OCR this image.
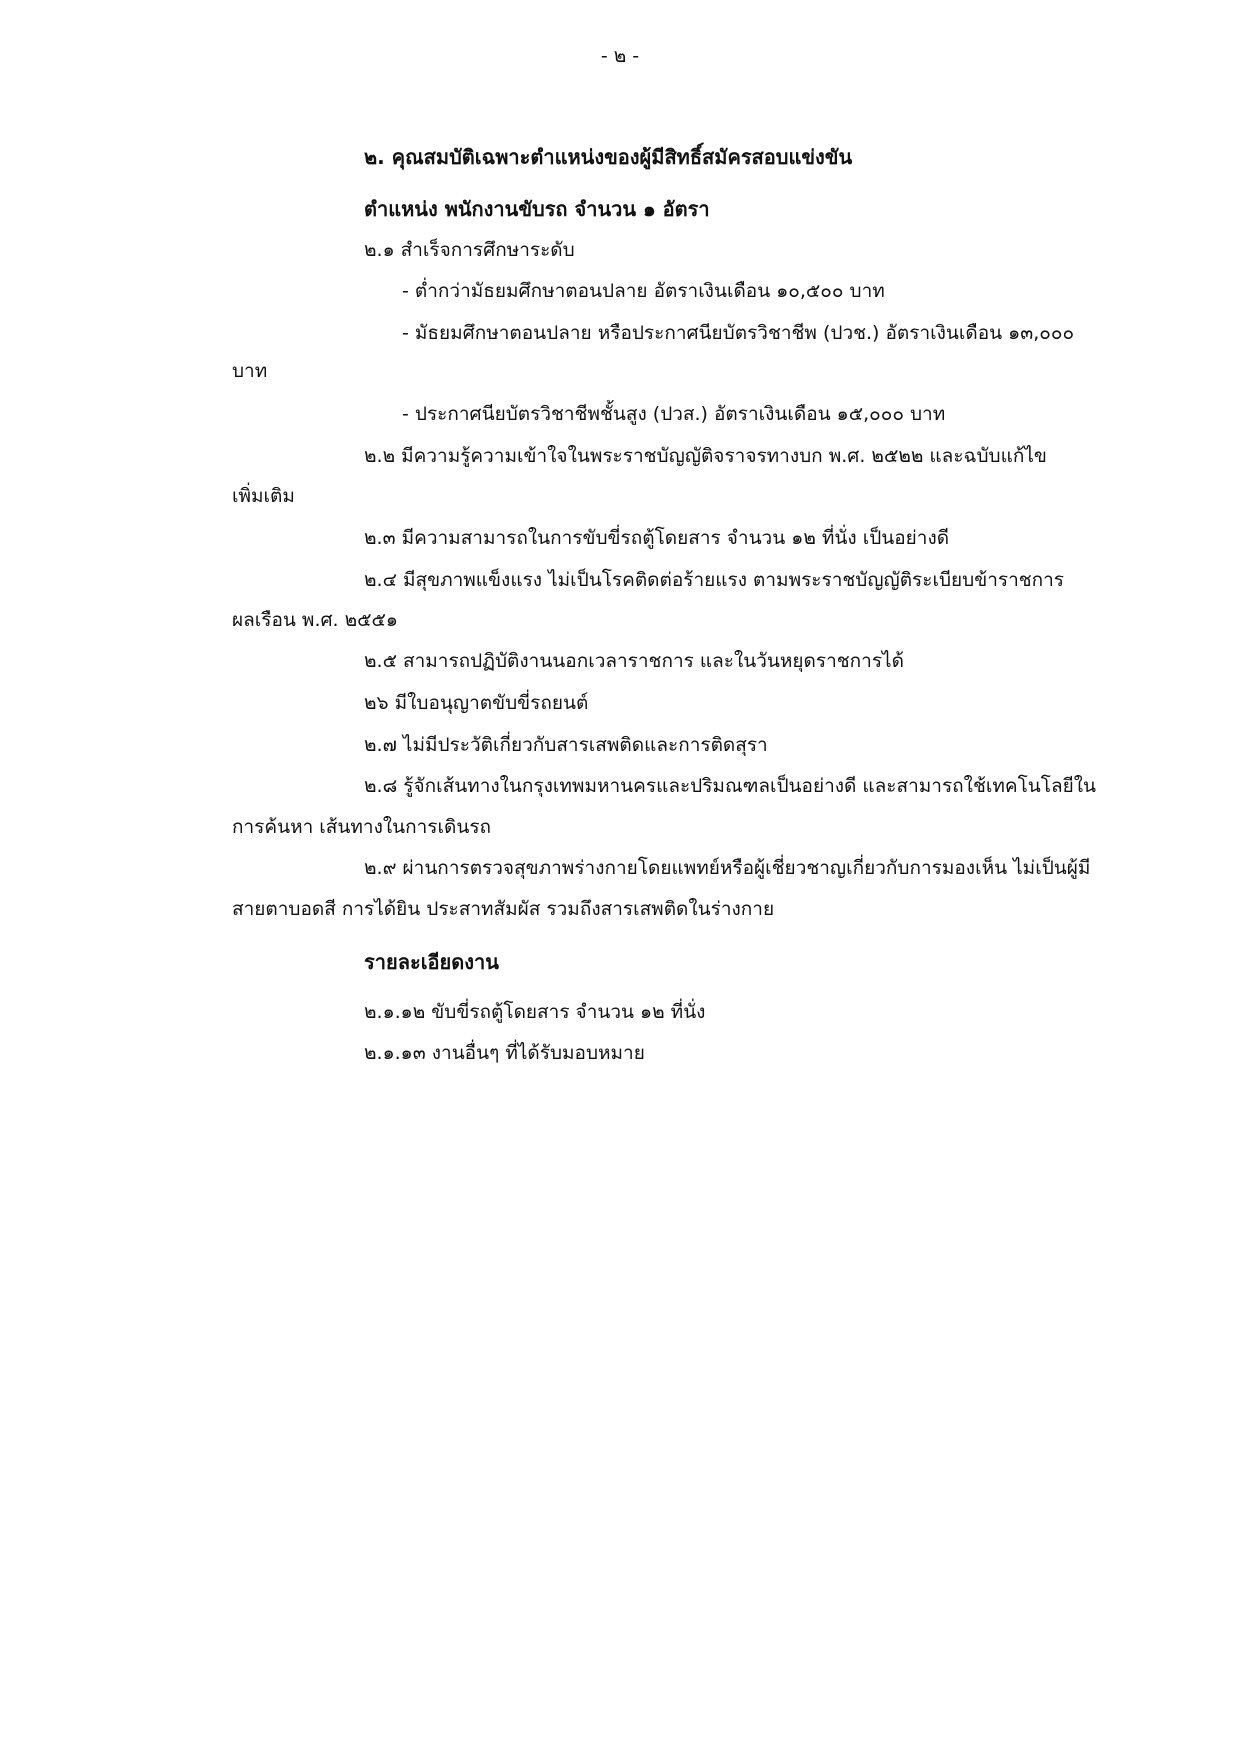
- ๒ -
๒. คุณสมบัติเฉพาะตำแหน่งของผู้มีสิทธิ์สมัครสอบแข่งขัน
ตำแหน่ง พนักงานขับรถ จำนวน ๑ อัตรา
๒.๑ สำเร็จการศึกษาระดับ
- ต่ำกว่ามัธยมศึกษาตอนปลาย อัตราเงินเดือน ๑๐,๕๐๐ บาท
- มัธยมศึกษาตอนปลาย หรือประกาศนียบัตรวิชาชีพ (ปวช.) อัตราเงินเดือน ๑๓,๐๐๐
บาท
- ประกาศนียบัตรวิชาชีพชั้นสูง (ปวส.) อัตราเงินเดือน ๑๕,๐๐๐ บาท
๒.๒ มีความรู้ความเข้าใจในพระราชบัญญัติจราจรทางบก พ.ศ. ๒๕๒๒ และฉบับแก้ไข
เพิ่มเติม
๒.๓ มีความสามารถในการขับขี่รถตู้โดยสาร จำนวน ๑๒ ที่นั่ง เป็นอย่างดี
๒.๔ มีสุขภาพแข็งแรง ไม่เป็นโรคติดต่อร้ายแรง ตามพระราชบัญญัติระเบียบข้าราชการ
ผลเรือน พ.ศ. ๒๕๕๑
๒.๕ สามารถปฏิบัติงานนอกเวลาราชการ และในวันหยุดราชการได้
๒๖ มีใบอนุญาตขับขี่รถยนต์
๒.๗ ไม่มีประวัติเกี่ยวกับสารเสพติดและการติดสุรา
๒.๘ รู้จักเส้นทางในกรุงเทพมหานครและปริมณฑลเป็นอย่างดี และสามารถใช้เทคโนโลยีใน
การค้นหา เส้นทางในการเดินรถ
๒.๙ ผ่านการตรวจสุขภาพร่างกายโดยแพทย์หรือผู้เชี่ยวชาญเกี่ยวกับการมองเห็น ไม่เป็นผู้มี
สายตาบอดสี การได้ยิน ประสาทสัมผัส รวมถึงสารเสพติดในร่างกาย
รายละเอียดงาน
๒.๑.๑๒ ขับขี่รถตู้โดยสาร จำนวน ๑๒ ที่นั่ง
๒.๑.๑๓ งานอื่นๆ ที่ได้รับมอบหมาย
